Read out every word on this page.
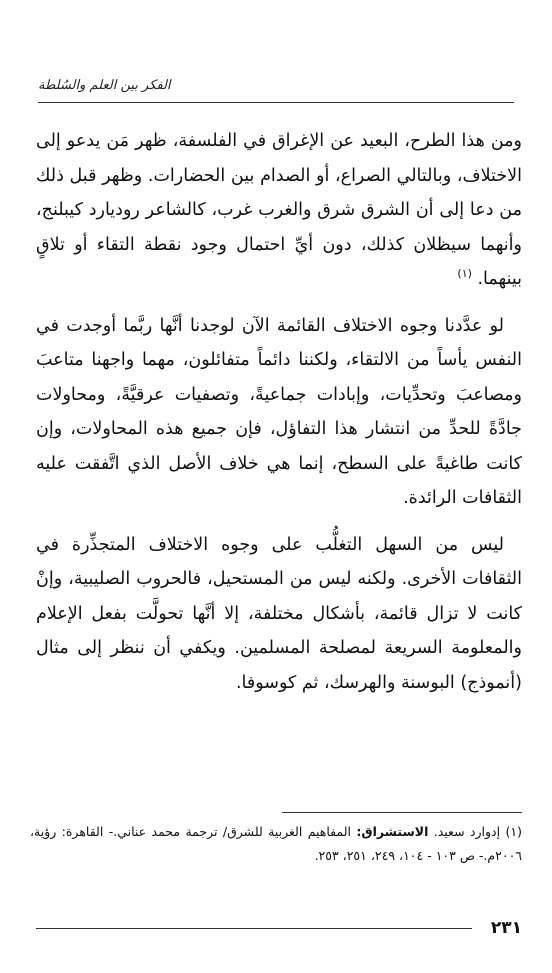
الفكر بين العلم والسُلطة

ومن هذا الطرح، البعيد عن الإغراق في الفلسفة، ظهر مَن يدعو إلى الاختلاف، وبالتالي الصراع، أو الصدام بين الحضارات. وظهر قبل ذلك من دعا إلى أن الشرق شرق والغرب غرب، كالشاعر روديارد كيبلنج، وأنهما سيظلان كذلك، دون أيِّ احتمال وجود نقطة التقاء أو تلاقٍ بينهما. $^{(١)}$

لو عدَّدنا وجوه الاختلاف القائمة الآن لوجدنا أنَّها ربَّما أوجدت في النفس يأساً من الالتقاء، ولكننا دائماً متفائلون، مهما واجهنا متاعبَ ومصاعبَ وتحدِّيات، وإبادات جماعيةً، وتصفيات عرقيَّةً، ومحاولات جادَّةً للحدِّ من انتشار هذا التفاؤل، فإن جميع هذه المحاولات، وإن كانت طاغيةً على السطح، إنما هي خلاف الأصل الذي اتَّفقت عليه الثقافات الرائدة.

ليس من السهل التغلُّب على وجوه الاختلاف المتجذِّرة في الثقافات الأخرى. ولكنه ليس من المستحيل، فالحروب الصليبية، وإنْ كانت لا تزال قائمة، بأشكال مختلفة، إلا أنَّها تحولَّت بفعل الإعلام والمعلومة السريعة لمصلحة المسلمين. ويكفي أن ننظر إلى مثال (أنموذج) البوسنة والهرسك، ثم كوسوفا.

(١) إدوارد سعيد. الاستشراق: المفاهيم الغربية للشرق/ ترجمة محمد عناني.- القاهرة: رؤية، ٢٠٠٦م.- ص ١٠٣ - ١٠٤، ٢٤٩، ٢٥١، ٢٥٣.
٢٣١
